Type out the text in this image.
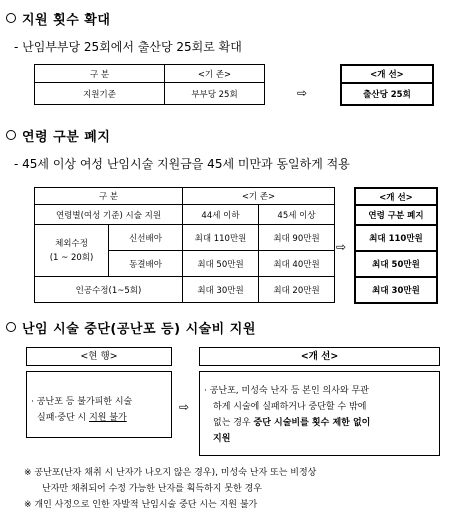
지원 횟수 확대
- 난임부부당 25회에서 출산당 25회로 확대
구 분	<기 존>
지원기준	부부당 25회	⇨
<개 선>
출산당 25회
연령 구분 폐지
- 45세 이상 여성 난임시술 지원금을 45세 미만과 동일하게 적용
구 분		<기 존>	
연령별(여성 기준) 시술 지원		44세 이하	45세 이상
체외수정
(1 ~ 20회)	신선배아	최대 110만원	최대 90만원
	동결배아	최대 50만원	최대 40만원
인공수정(1~5회)		최대 30만원	최대 20만원
⇨
<개 선>
연령 구분 폐지
최대 110만원
최대 50만원
최대 30만원
난임 시술 중단(공난포 등) 시술비 지원
<현 행>
· 공난포 등 불가피한 시술
실패·중단 시 지원 불가
⇨
<개 선>
· 공난포, 미성숙 난자 등 본인 의사와 무관
하게 시술에 실패하거나 중단할 수 밖에
없는 경우 중단 시술비를 횟수 제한 없이
지원
※ 공난포(난자 채취 시 난자가 나오지 않은 경우), 미성숙 난자 또는 비정상
난자만 채취되어 수정 가능한 난자를 획득하지 못한 경우
※ 개인 사정으로 인한 자발적 난임시술 중단 시는 지원 불가
